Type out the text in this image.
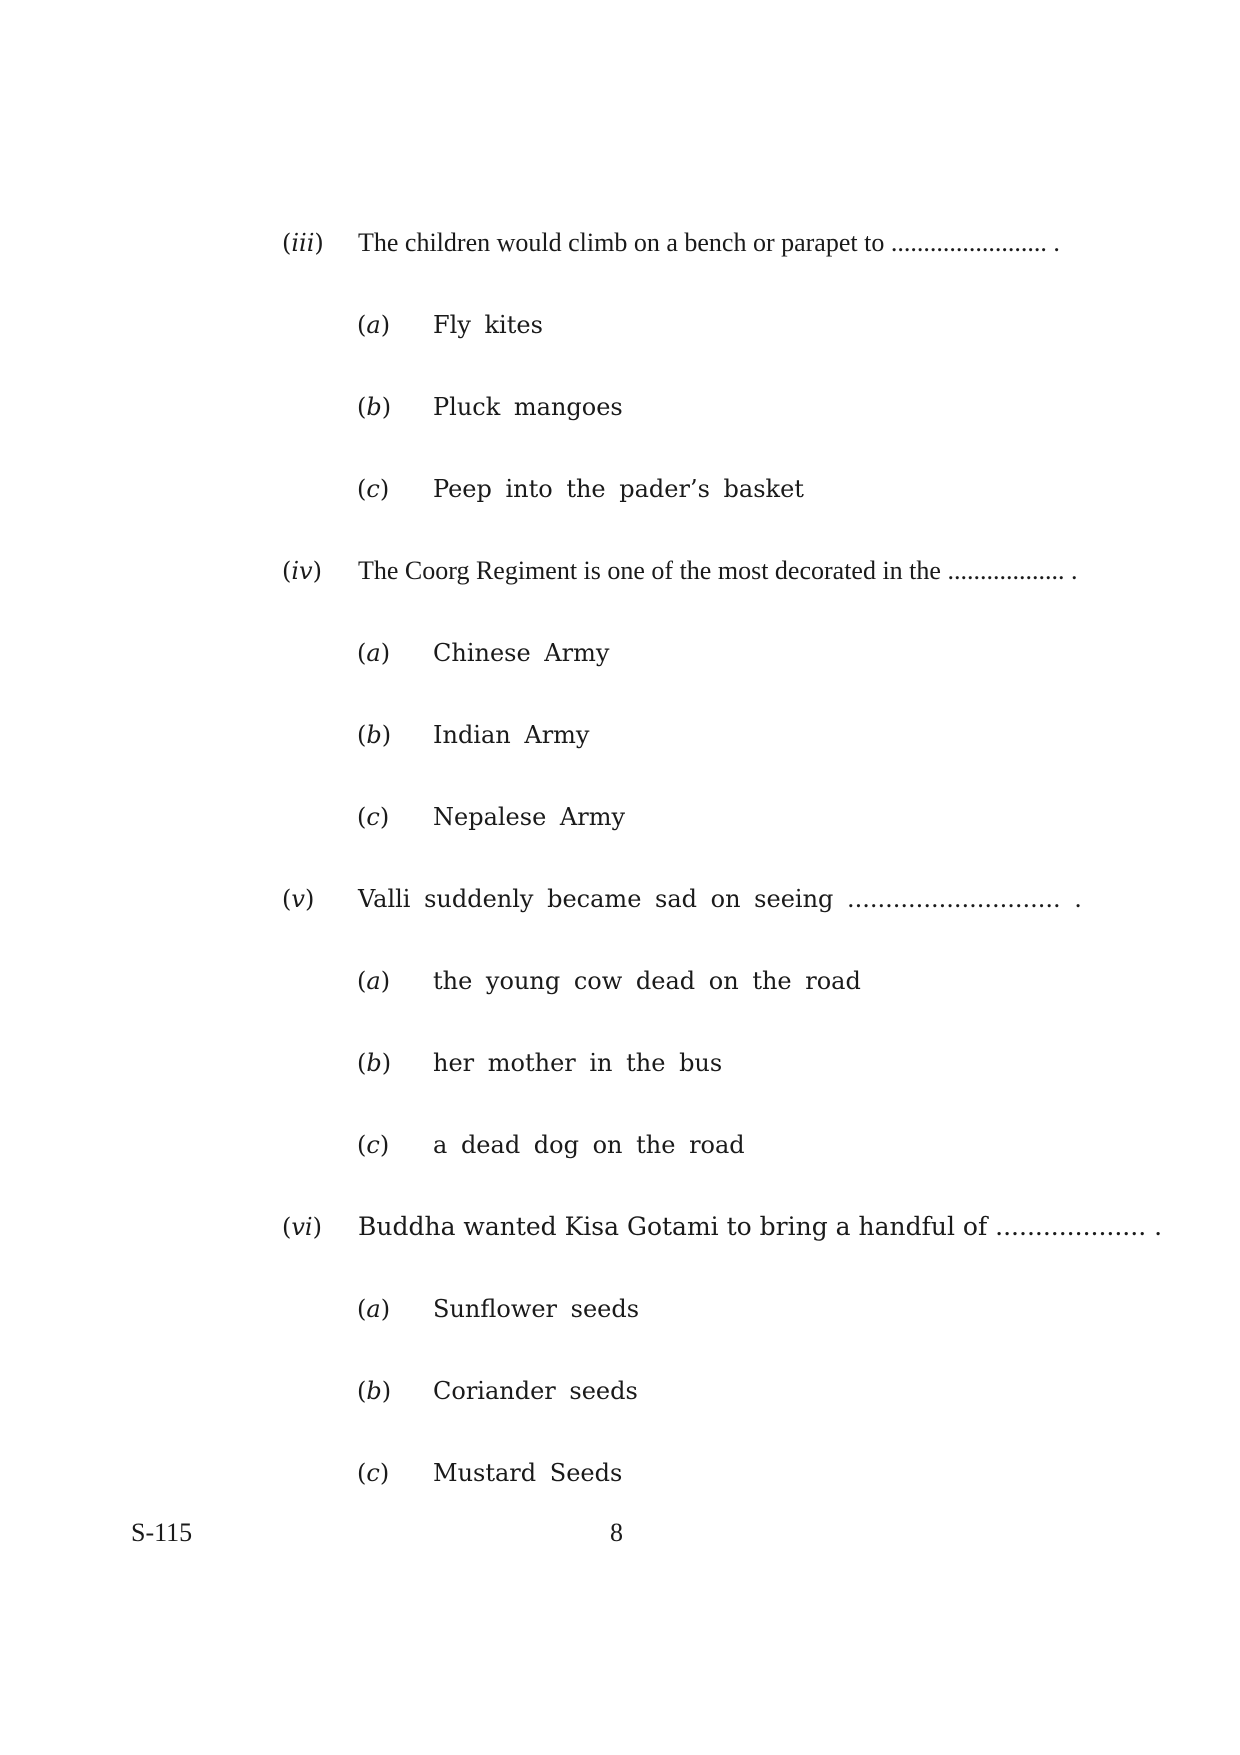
(iii) The children would climb on a bench or parapet to ........................ .
(a) Fly kites
(b) Pluck mangoes
(c) Peep into the pader’s basket
(iv) The Coorg Regiment is one of the most decorated in the .................. .
(a) Chinese Army
(b) Indian Army
(c) Nepalese Army
(v) Valli suddenly became sad on seeing ............................ .
(a) the young cow dead on the road
(b) her mother in the bus
(c) a dead dog on the road
(vi) Buddha wanted Kisa Gotami to bring a handful of ................... .
(a) Sunflower seeds
(b) Coriander seeds
(c) Mustard Seeds
S-115	8
